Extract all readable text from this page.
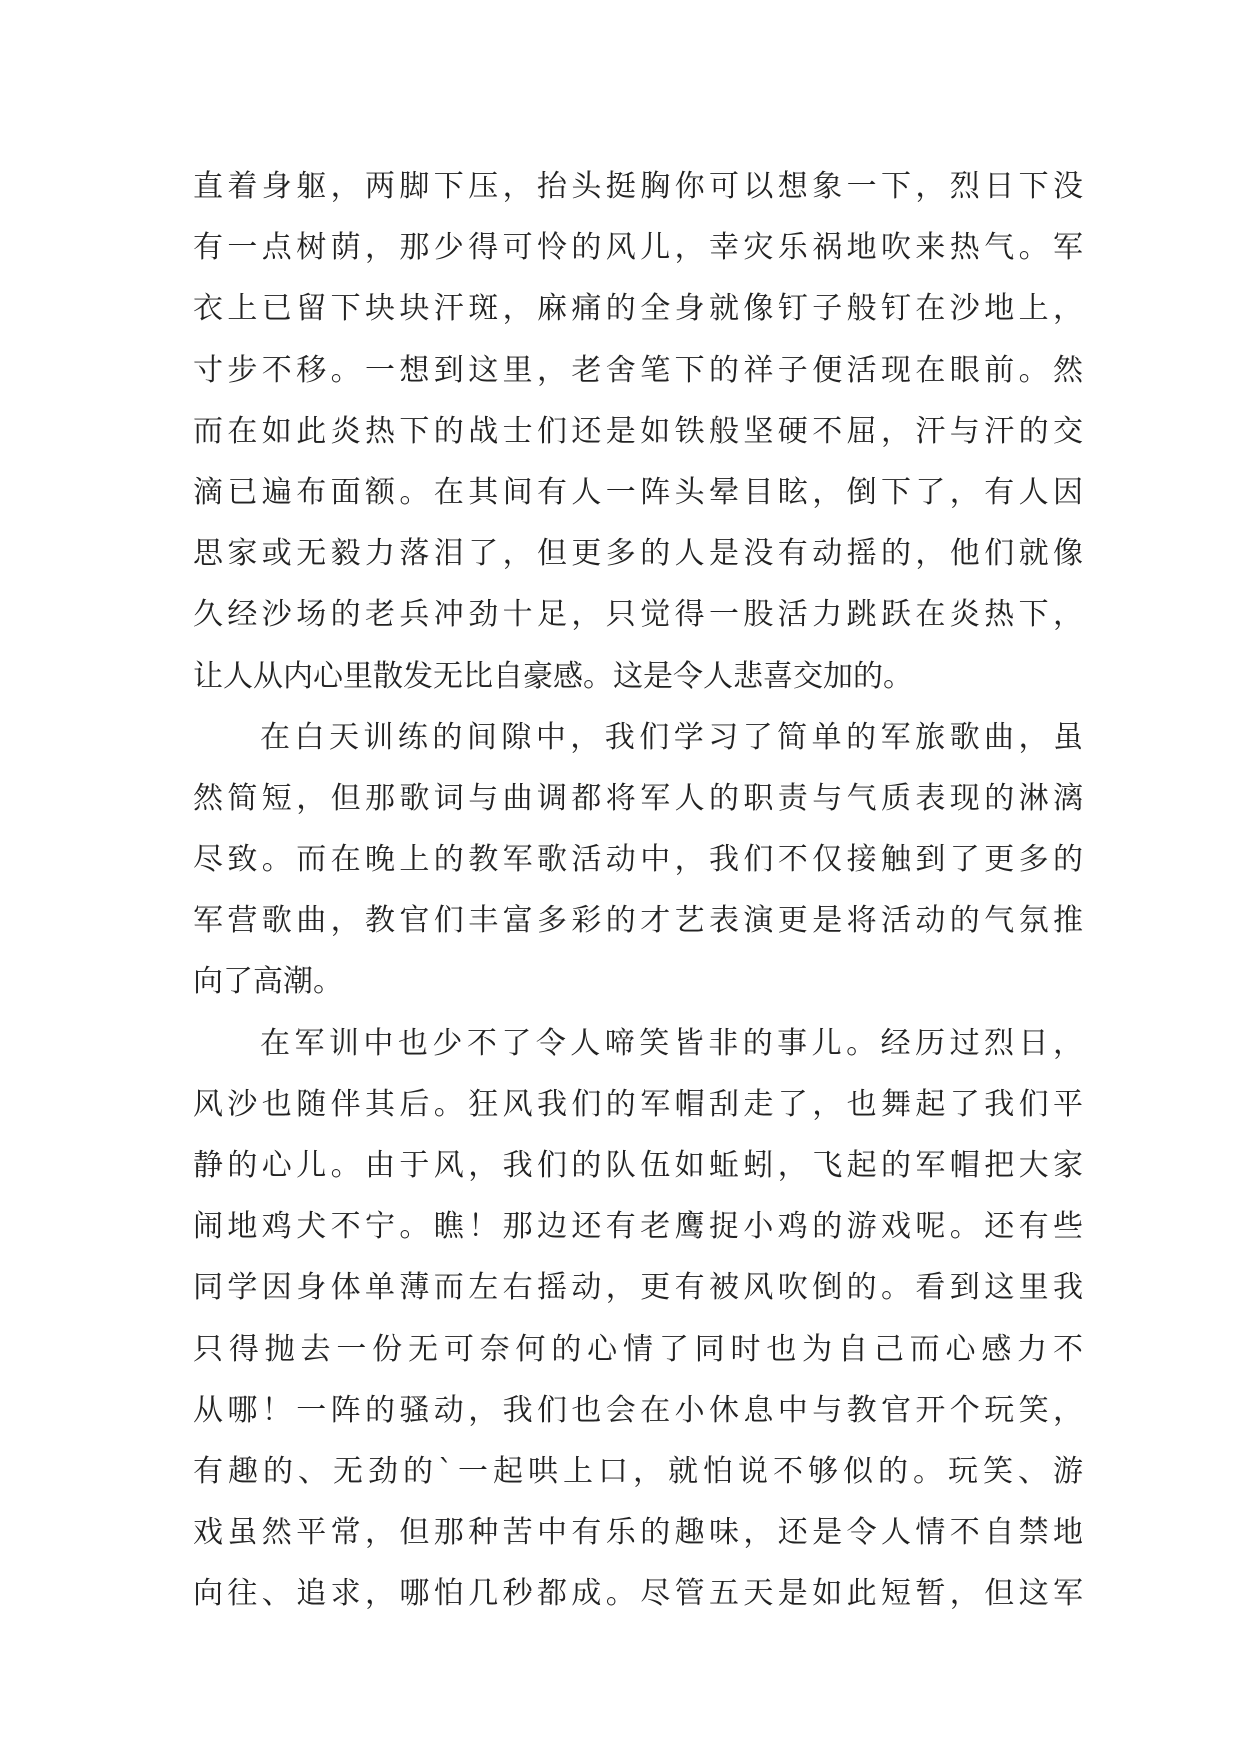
直着身躯，两脚下压，抬头挺胸你可以想象一下，烈日下没
有一点树荫，那少得可怜的风儿，幸灾乐祸地吹来热气。军
衣上已留下块块汗斑，麻痛的全身就像钉子般钉在沙地上，
寸步不移。一想到这里，老舍笔下的祥子便活现在眼前。然
而在如此炎热下的战士们还是如铁般坚硬不屈，汗与汗的交
滴已遍布面额。在其间有人一阵头晕目眩，倒下了，有人因
思家或无毅力落泪了，但更多的人是没有动摇的，他们就像
久经沙场的老兵冲劲十足，只觉得一股活力跳跃在炎热下，
让人从内心里散发无比自豪感。这是令人悲喜交加的。
在白天训练的间隙中，我们学习了简单的军旅歌曲，虽
然简短，但那歌词与曲调都将军人的职责与气质表现的淋漓
尽致。而在晚上的教军歌活动中，我们不仅接触到了更多的
军营歌曲，教官们丰富多彩的才艺表演更是将活动的气氛推
向了高潮。
在军训中也少不了令人啼笑皆非的事儿。经历过烈日，
风沙也随伴其后。狂风我们的军帽刮走了，也舞起了我们平
静的心儿。由于风，我们的队伍如蚯蚓，飞起的军帽把大家
闹地鸡犬不宁。瞧！那边还有老鹰捉小鸡的游戏呢。还有些
同学因身体单薄而左右摇动，更有被风吹倒的。看到这里我
只得抛去一份无可奈何的心情了同时也为自己而心感力不
从哪！一阵的骚动，我们也会在小休息中与教官开个玩笑，
有趣的、无劲的`一起哄上口，就怕说不够似的。玩笑、游
戏虽然平常，但那种苦中有乐的趣味，还是令人情不自禁地
向往、追求，哪怕几秒都成。尽管五天是如此短暂，但这军
